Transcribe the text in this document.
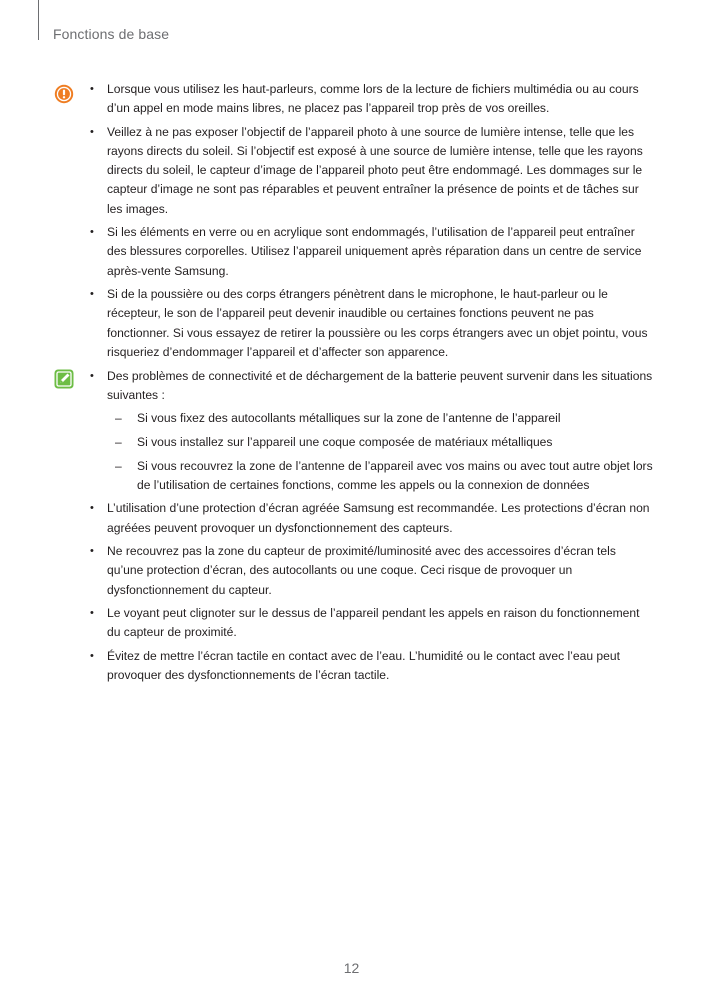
Fonctions de base
• Lorsque vous utilisez les haut-parleurs, comme lors de la lecture de fichiers multimédia ou au cours d’un appel en mode mains libres, ne placez pas l’appareil trop près de vos oreilles.
• Veillez à ne pas exposer l’objectif de l’appareil photo à une source de lumière intense, telle que les rayons directs du soleil. Si l’objectif est exposé à une source de lumière intense, telle que les rayons directs du soleil, le capteur d’image de l’appareil photo peut être endommagé. Les dommages sur le capteur d’image ne sont pas réparables et peuvent entraîner la présence de points et de tâches sur les images.
• Si les éléments en verre ou en acrylique sont endommagés, l’utilisation de l’appareil peut entraîner des blessures corporelles. Utilisez l’appareil uniquement après réparation dans un centre de service après-vente Samsung.
• Si de la poussière ou des corps étrangers pénètrent dans le microphone, le haut-parleur ou le récepteur, le son de l’appareil peut devenir inaudible ou certaines fonctions peuvent ne pas fonctionner. Si vous essayez de retirer la poussière ou les corps étrangers avec un objet pointu, vous risqueriez d’endommager l’appareil et d’affecter son apparence.
• Des problèmes de connectivité et de déchargement de la batterie peuvent survenir dans les situations suivantes :
– Si vous fixez des autocollants métalliques sur la zone de l’antenne de l’appareil
– Si vous installez sur l’appareil une coque composée de matériaux métalliques
– Si vous recouvrez la zone de l’antenne de l’appareil avec vos mains ou avec tout autre objet lors de l’utilisation de certaines fonctions, comme les appels ou la connexion de données
• L’utilisation d’une protection d’écran agréée Samsung est recommandée. Les protections d’écran non agréées peuvent provoquer un dysfonctionnement des capteurs.
• Ne recouvrez pas la zone du capteur de proximité/luminosité avec des accessoires d’écran tels qu’une protection d’écran, des autocollants ou une coque. Ceci risque de provoquer un dysfonctionnement du capteur.
• Le voyant peut clignoter sur le dessus de l’appareil pendant les appels en raison du fonctionnement du capteur de proximité.
• Évitez de mettre l’écran tactile en contact avec de l’eau. L’humidité ou le contact avec l’eau peut provoquer des dysfonctionnements de l’écran tactile.
12
